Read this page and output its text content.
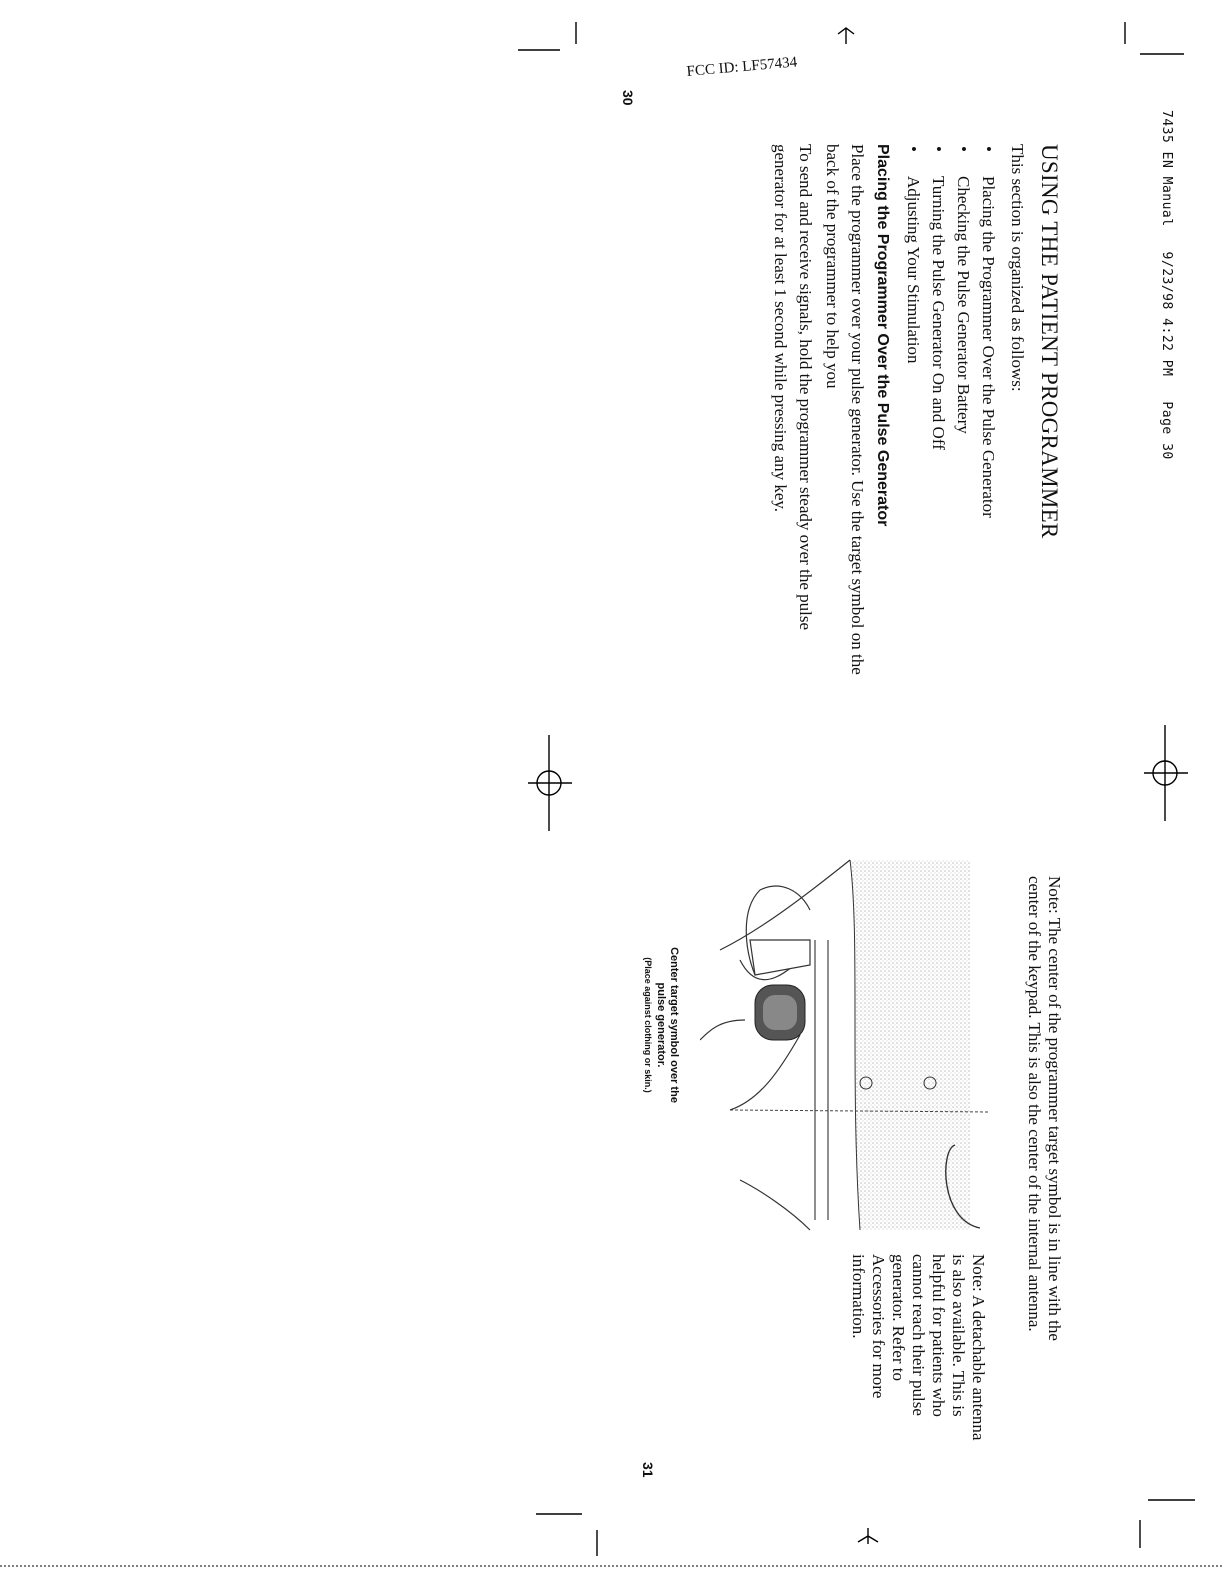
7435 EN Manual   9/23/98 4:22 PM   Page 30
FCC ID: LF57434
30
31
USING THE PATIENT PROGRAMMER

This section is organized as follows:

• Placing the Programmer Over the Pulse Generator
• Checking the Pulse Generator Battery
• Turning the Pulse Generator On and Off
• Adjusting Your Stimulation
Placing the Programmer Over the Pulse Generator

Place the programmer over your pulse generator. Use the target symbol on the back of the programmer to help you

To send and receive signals, hold the programmer steady over the pulse generator for at least 1 second while pressing any key.

Note: The center of the programmer target symbol is in line with the center of the keypad. This is also the center of the internal antenna.
Note: A detachable antenna is also available. This is helpful for patients who cannot reach their pulse generator. Refer to Accessories for more information.
Center target symbol over the
pulse generator.
(Place against clothing or skin.)
